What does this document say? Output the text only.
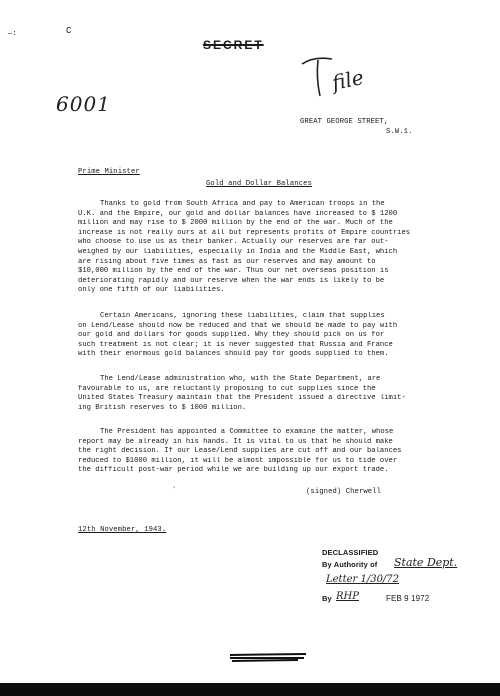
—:	C
SECRET
file
6001
GREAT GEORGE STREET,
S.W.1.
Prime Minister
Gold and Dollar Balances
Thanks to gold from South Africa and pay to American troops in the
U.K. and the Empire, our gold and dollar balances have increased to $ 1200
million and may rise to $ 2000 million by the end of the war. Much of the
increase is not really ours at all but represents profits of Empire countries
who choose to use us as their banker. Actually our reserves are far out-
weighed by our liabilities, especially in India and the Middle East, which
are rising about five times as fast as our reserves and may amount to
$10,000 million by the end of the war. Thus our net overseas position is
deteriorating rapidly and our reserve when the war ends is likely to be
only one fifth of our liabilities.
Certain Americans, ignoring these liabilities, claim that supplies
on Lend/Lease should now be reduced and that we should be made to pay with
our gold and dollars for goods supplied. Why they should pick on us for
such treatment is not clear; it is never suggested that Russia and France
with their enormous gold balances should pay for goods supplied to them.
The Lend/Lease administration who, with the State Department, are
favourable to us, are reluctantly proposing to cut supplies since the
United States Treasury maintain that the President issued a directive limit-
ing British reserves to $ 1000 million.
The President has appointed a Committee to examine the matter, whose
report may be already in his hands. It is vital to us that he should make
the right decision. If our Lease/Lend supplies are cut off and our balances
reduced to $1000 million, it will be almost impossible for us to tide over
the difficult post-war period while we are building up our export trade.
ʻ	(signed) Cherwell
12th November, 1943.
DECLASSIFIED
By Authority of State Dept.
Letter 1/30/72
By RHP	FEB 9 1972
